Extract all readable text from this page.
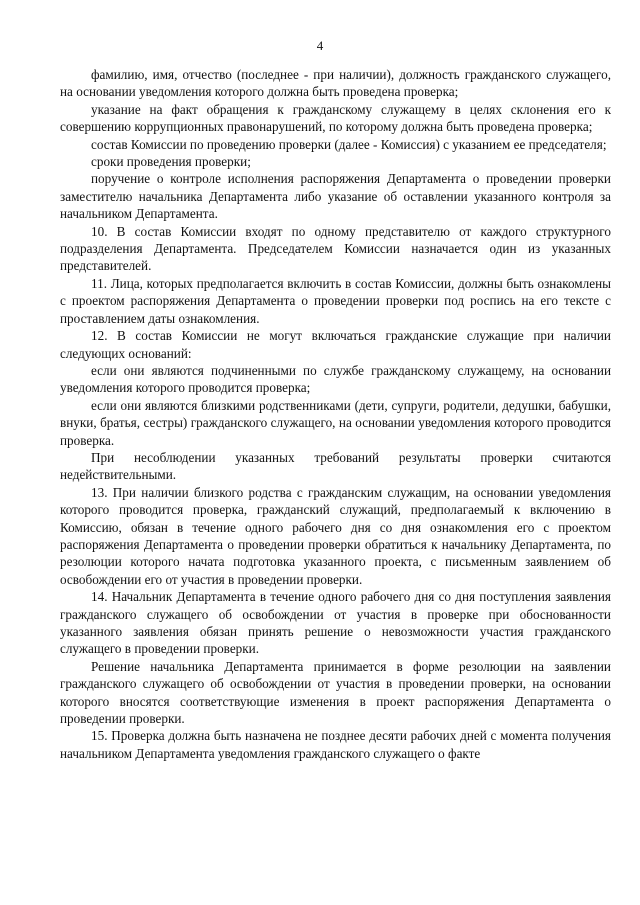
4

фамилию, имя, отчество (последнее - при наличии), должность гражданского служащего, на основании уведомления которого должна быть проведена проверка;

указание на факт обращения к гражданскому служащему в целях склонения его к совершению коррупционных правонарушений, по которому должна быть проведена проверка;

состав Комиссии по проведению проверки (далее - Комиссия) с указанием ее председателя;

сроки проведения проверки;

поручение о контроле исполнения распоряжения Департамента о проведении проверки заместителю начальника Департамента либо указание об оставлении указанного контроля за начальником Департамента.

10. В состав Комиссии входят по одному представителю от каждого структурного подразделения Департамента. Председателем Комиссии назначается один из указанных представителей.

11. Лица, которых предполагается включить в состав Комиссии, должны быть ознакомлены с проектом распоряжения Департамента о проведении проверки под роспись на его тексте с проставлением даты ознакомления.

12. В состав Комиссии не могут включаться гражданские служащие при наличии следующих оснований:

если они являются подчиненными по службе гражданскому служащему, на основании уведомления которого проводится проверка;

если они являются близкими родственниками (дети, супруги, родители, дедушки, бабушки, внуки, братья, сестры) гражданского служащего, на основании уведомления которого проводится проверка.

При несоблюдении указанных требований результаты проверки считаются недействительными.

13. При наличии близкого родства с гражданским служащим, на основании уведомления которого проводится проверка, гражданский служащий, предполагаемый к включению в Комиссию, обязан в течение одного рабочего дня со дня ознакомления его с проектом распоряжения Департамента о проведении проверки обратиться к начальнику Департамента, по резолюции которого начата подготовка указанного проекта, с письменным заявлением об освобождении его от участия в проведении проверки.

14. Начальник Департамента в течение одного рабочего дня со дня поступления заявления гражданского служащего об освобождении от участия в проверке при обоснованности указанного заявления обязан принять решение о невозможности участия гражданского служащего в проведении проверки.

Решение начальника Департамента принимается в форме резолюции на заявлении гражданского служащего об освобождении от участия в проведении проверки, на основании которого вносятся соответствующие изменения в проект распоряжения Департамента о проведении проверки.

15. Проверка должна быть назначена не позднее десяти рабочих дней с момента получения начальником Департамента уведомления гражданского служащего о факте
